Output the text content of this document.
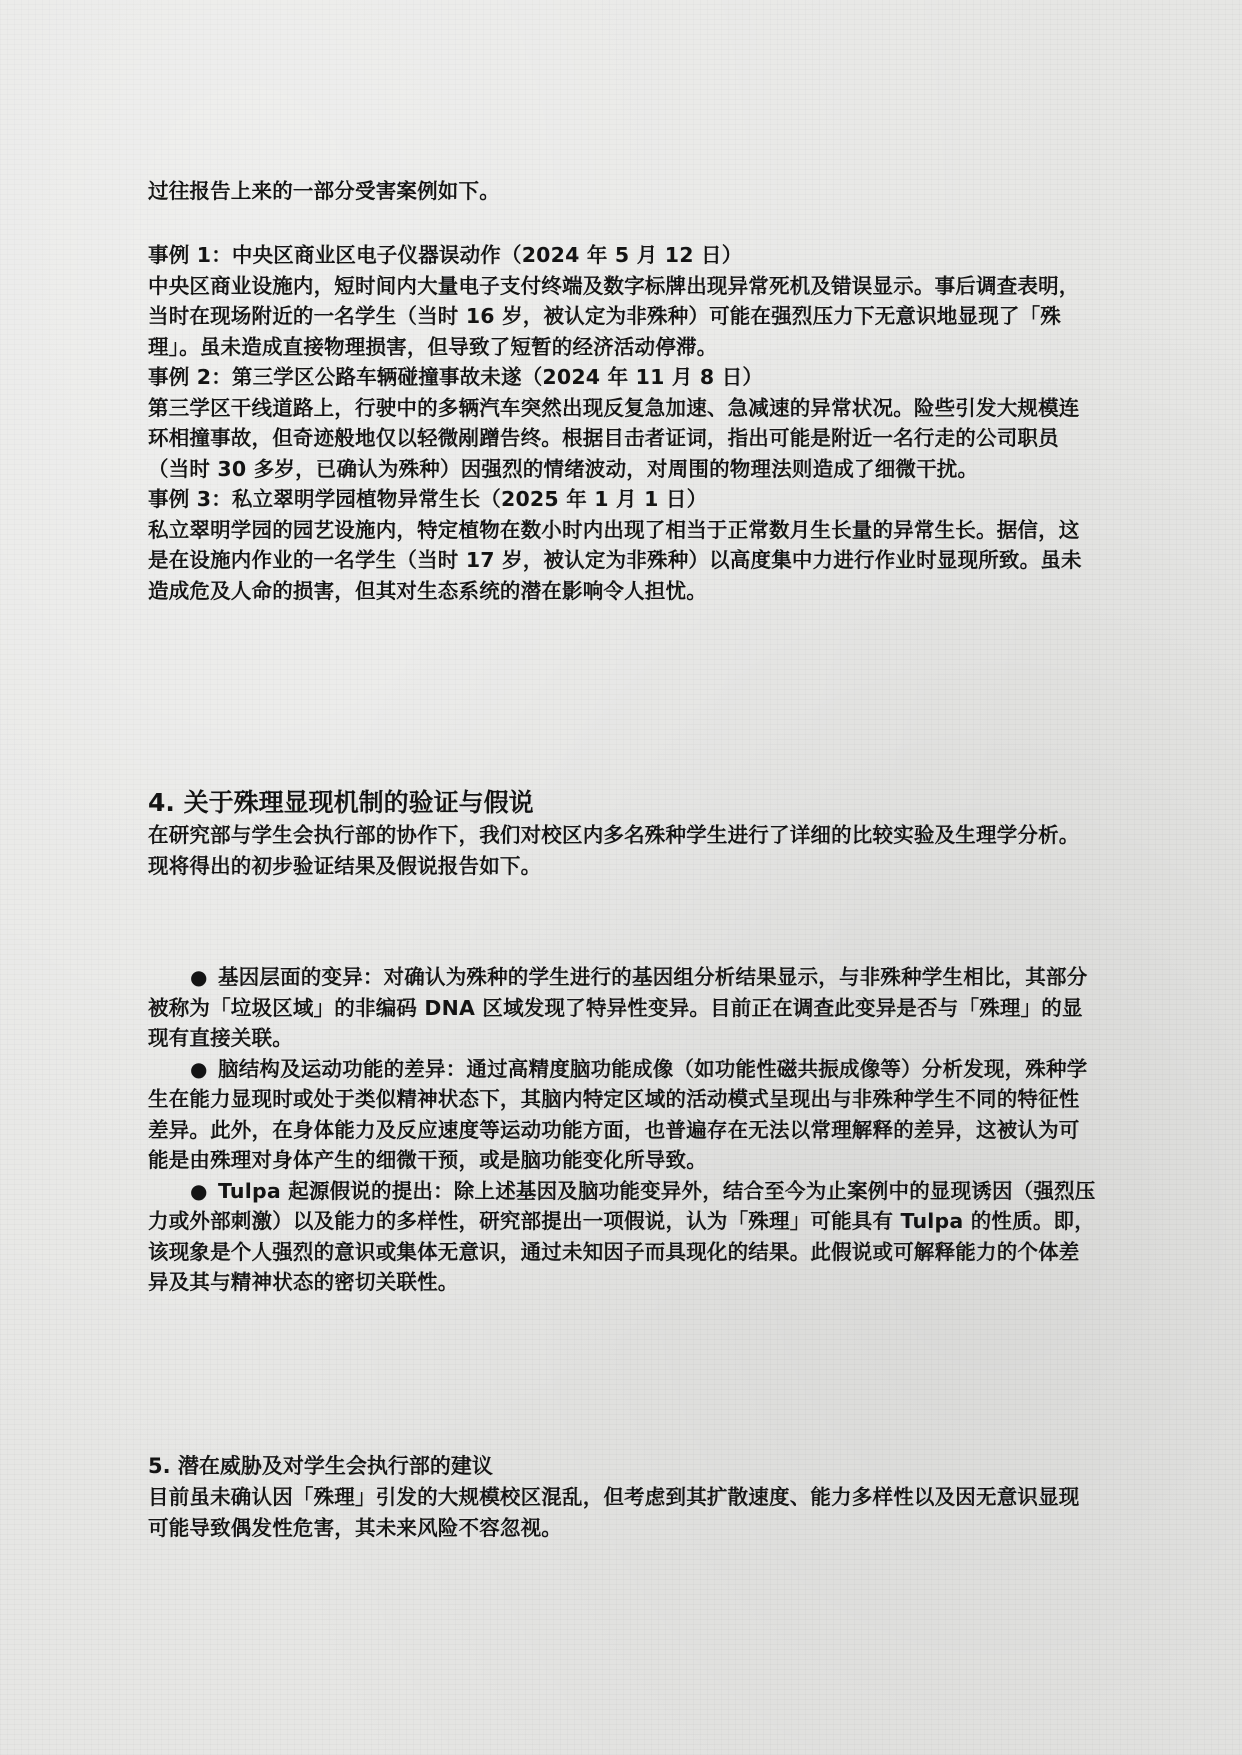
过往报告上来的一部分受害案例如下。

事例 1：中央区商业区电子仪器误动作（2024 年 5 月 12 日）

中央区商业设施内，短时间内大量电子支付终端及数字标牌出现异常死机及错误显示。事后调查表明，当时在现场附近的一名学生（当时 16 岁，被认定为非殊种）可能在强烈压力下无意识地显现了「殊理」。虽未造成直接物理损害，但导致了短暂的经济活动停滞。

事例 2：第三学区公路车辆碰撞事故未遂（2024 年 11 月 8 日）

第三学区干线道路上，行驶中的多辆汽车突然出现反复急加速、急减速的异常状况。险些引发大规模连环相撞事故，但奇迹般地仅以轻微剐蹭告终。根据目击者证词，指出可能是附近一名行走的公司职员（当时 30 多岁，已确认为殊种）因强烈的情绪波动，对周围的物理法则造成了细微干扰。

事例 3：私立翠明学园植物异常生长（2025 年 1 月 1 日）

私立翠明学园的园艺设施内，特定植物在数小时内出现了相当于正常数月生长量的异常生长。据信，这是在设施内作业的一名学生（当时 17 岁，被认定为非殊种）以高度集中力进行作业时显现所致。虽未造成危及人命的损害，但其对生态系统的潜在影响令人担忧。

4. 关于殊理显现机制的验证与假说

在研究部与学生会执行部的协作下，我们对校区内多名殊种学生进行了详细的比较实验及生理学分析。现将得出的初步验证结果及假说报告如下。

● 基因层面的变异：对确认为殊种的学生进行的基因组分析结果显示，与非殊种学生相比，其部分被称为「垃圾区域」的非编码 DNA 区域发现了特异性变异。目前正在调查此变异是否与「殊理」的显现有直接关联。

● 脑结构及运动功能的差异：通过高精度脑功能成像（如功能性磁共振成像等）分析发现，殊种学生在能力显现时或处于类似精神状态下，其脑内特定区域的活动模式呈现出与非殊种学生不同的特征性差异。此外，在身体能力及反应速度等运动功能方面，也普遍存在无法以常理解释的差异，这被认为可能是由殊理对身体产生的细微干预，或是脑功能变化所导致。

● Tulpa 起源假说的提出：除上述基因及脑功能变异外，结合至今为止案例中的显现诱因（强烈压力或外部刺激）以及能力的多样性，研究部提出一项假说，认为「殊理」可能具有 Tulpa 的性质。即，该现象是个人强烈的意识或集体无意识，通过未知因子而具现化的结果。此假说或可解释能力的个体差异及其与精神状态的密切关联性。

5. 潜在威胁及对学生会执行部的建议

目前虽未确认因「殊理」引发的大规模校区混乱，但考虑到其扩散速度、能力多样性以及因无意识显现可能导致偶发性危害，其未来风险不容忽视。
